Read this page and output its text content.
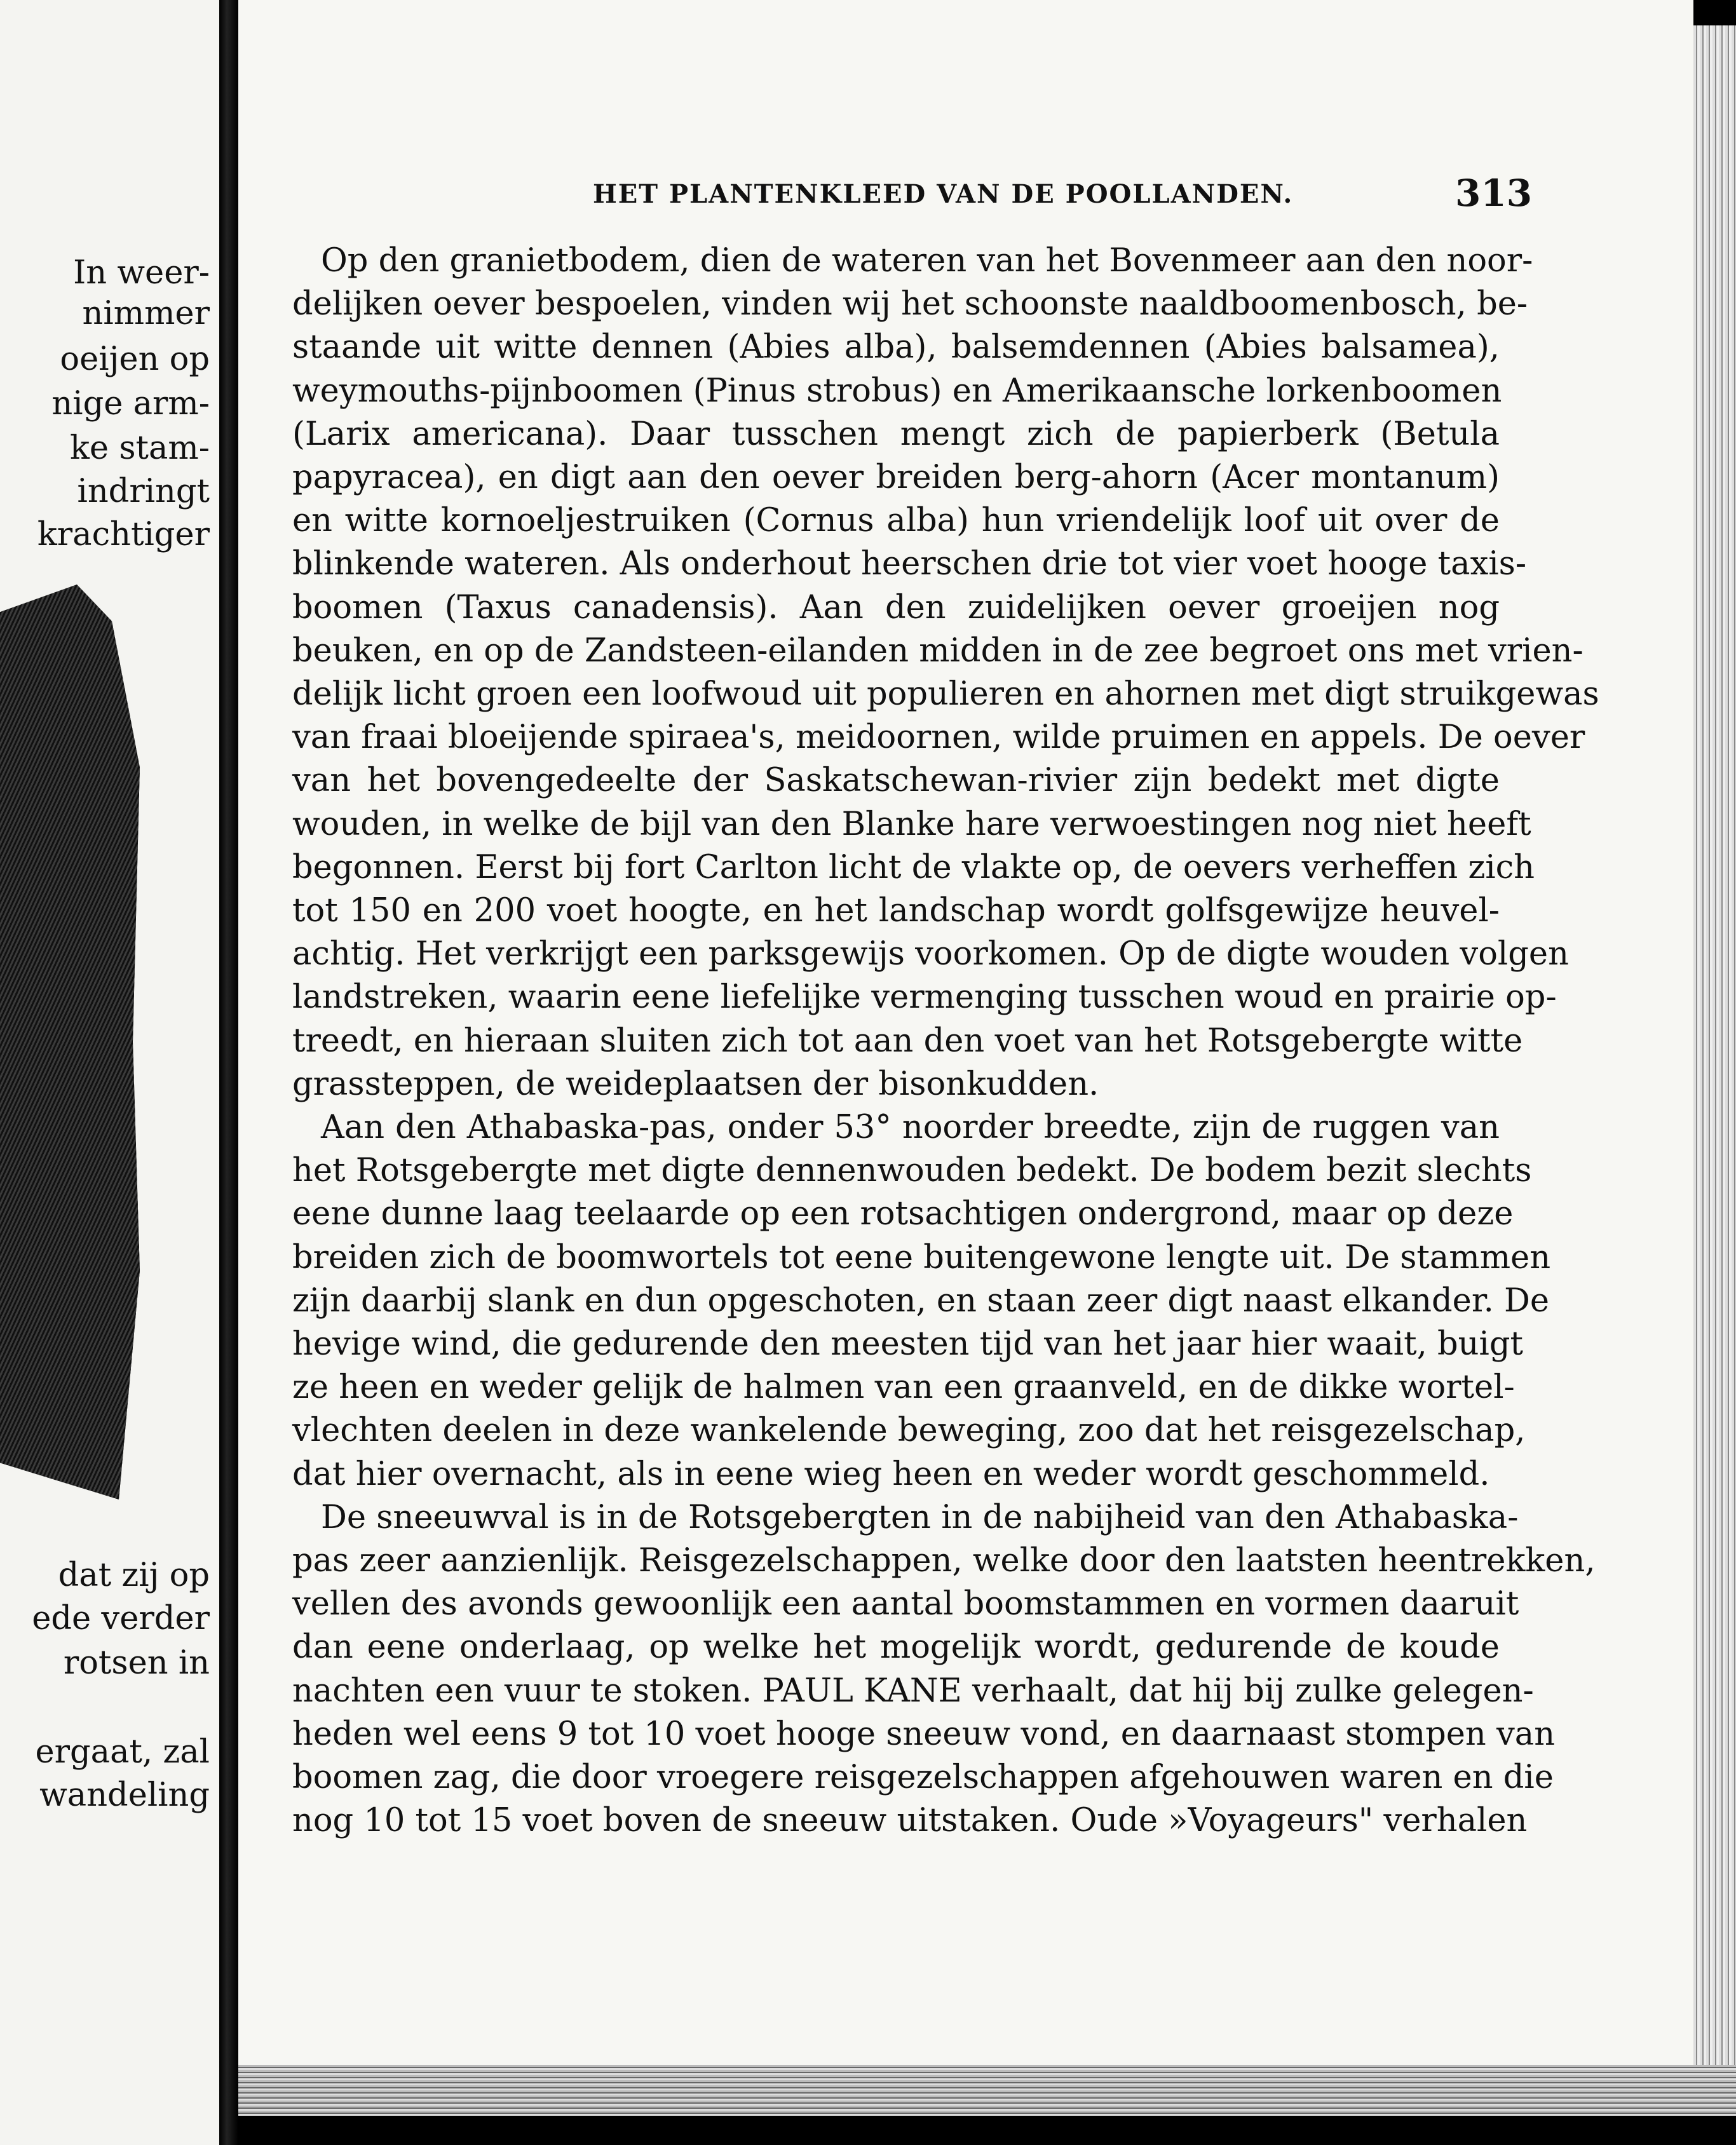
In weer-
nimmer
oeijen op
nige arm-
ke stam-
indringt
krachtiger
dat zij op
ede verder
rotsen in
ergaat, zal
wandeling
HET PLANTENKLEED VAN DE POOLLANDEN.	313
Op den granietbodem, dien de wateren van het Bovenmeer aan den noor-
delijken oever bespoelen, vinden wij het schoonste naaldboomenbosch, be-
staande uit witte dennen (Abies alba), balsemdennen (Abies balsamea),
weymouths-pijnboomen (Pinus strobus) en Amerikaansche lorkenboomen
(Larix americana). Daar tusschen mengt zich de papierberk (Betula
papyracea), en digt aan den oever breiden berg-ahorn (Acer montanum)
en witte kornoeljestruiken (Cornus alba) hun vriendelijk loof uit over de
blinkende wateren. Als onderhout heerschen drie tot vier voet hooge taxis-
boomen (Taxus canadensis). Aan den zuidelijken oever groeijen nog
beuken, en op de Zandsteen-eilanden midden in de zee begroet ons met vrien-
delijk licht groen een loofwoud uit populieren en ahornen met digt struikgewas
van fraai bloeijende spiraea's, meidoornen, wilde pruimen en appels. De oever
van het bovengedeelte der Saskatschewan-rivier zijn bedekt met digte
wouden, in welke de bijl van den Blanke hare verwoestingen nog niet heeft
begonnen. Eerst bij fort Carlton licht de vlakte op, de oevers verheffen zich
tot 150 en 200 voet hoogte, en het landschap wordt golfsgewijze heuvel-
achtig. Het verkrijgt een parksgewijs voorkomen. Op de digte wouden volgen
landstreken, waarin eene liefelijke vermenging tusschen woud en prairie op-
treedt, en hieraan sluiten zich tot aan den voet van het Rotsgebergte witte
grassteppen, de weideplaatsen der bisonkudden.
Aan den Athabaska-pas, onder 53° noorder breedte, zijn de ruggen van
het Rotsgebergte met digte dennenwouden bedekt. De bodem bezit slechts
eene dunne laag teelaarde op een rotsachtigen ondergrond, maar op deze
breiden zich de boomwortels tot eene buitengewone lengte uit. De stammen
zijn daarbij slank en dun opgeschoten, en staan zeer digt naast elkander. De
hevige wind, die gedurende den meesten tijd van het jaar hier waait, buigt
ze heen en weder gelijk de halmen van een graanveld, en de dikke wortel-
vlechten deelen in deze wankelende beweging, zoo dat het reisgezelschap,
dat hier overnacht, als in eene wieg heen en weder wordt geschommeld.
De sneeuwval is in de Rotsgebergten in de nabijheid van den Athabaska-
pas zeer aanzienlijk. Reisgezelschappen, welke door den laatsten heentrekken,
vellen des avonds gewoonlijk een aantal boomstammen en vormen daaruit
dan eene onderlaag, op welke het mogelijk wordt, gedurende de koude
nachten een vuur te stoken. PAUL KANE verhaalt, dat hij bij zulke gelegen-
heden wel eens 9 tot 10 voet hooge sneeuw vond, en daarnaast stompen van
boomen zag, die door vroegere reisgezelschappen afgehouwen waren en die
nog 10 tot 15 voet boven de sneeuw uitstaken. Oude »Voyageurs" verhalen
